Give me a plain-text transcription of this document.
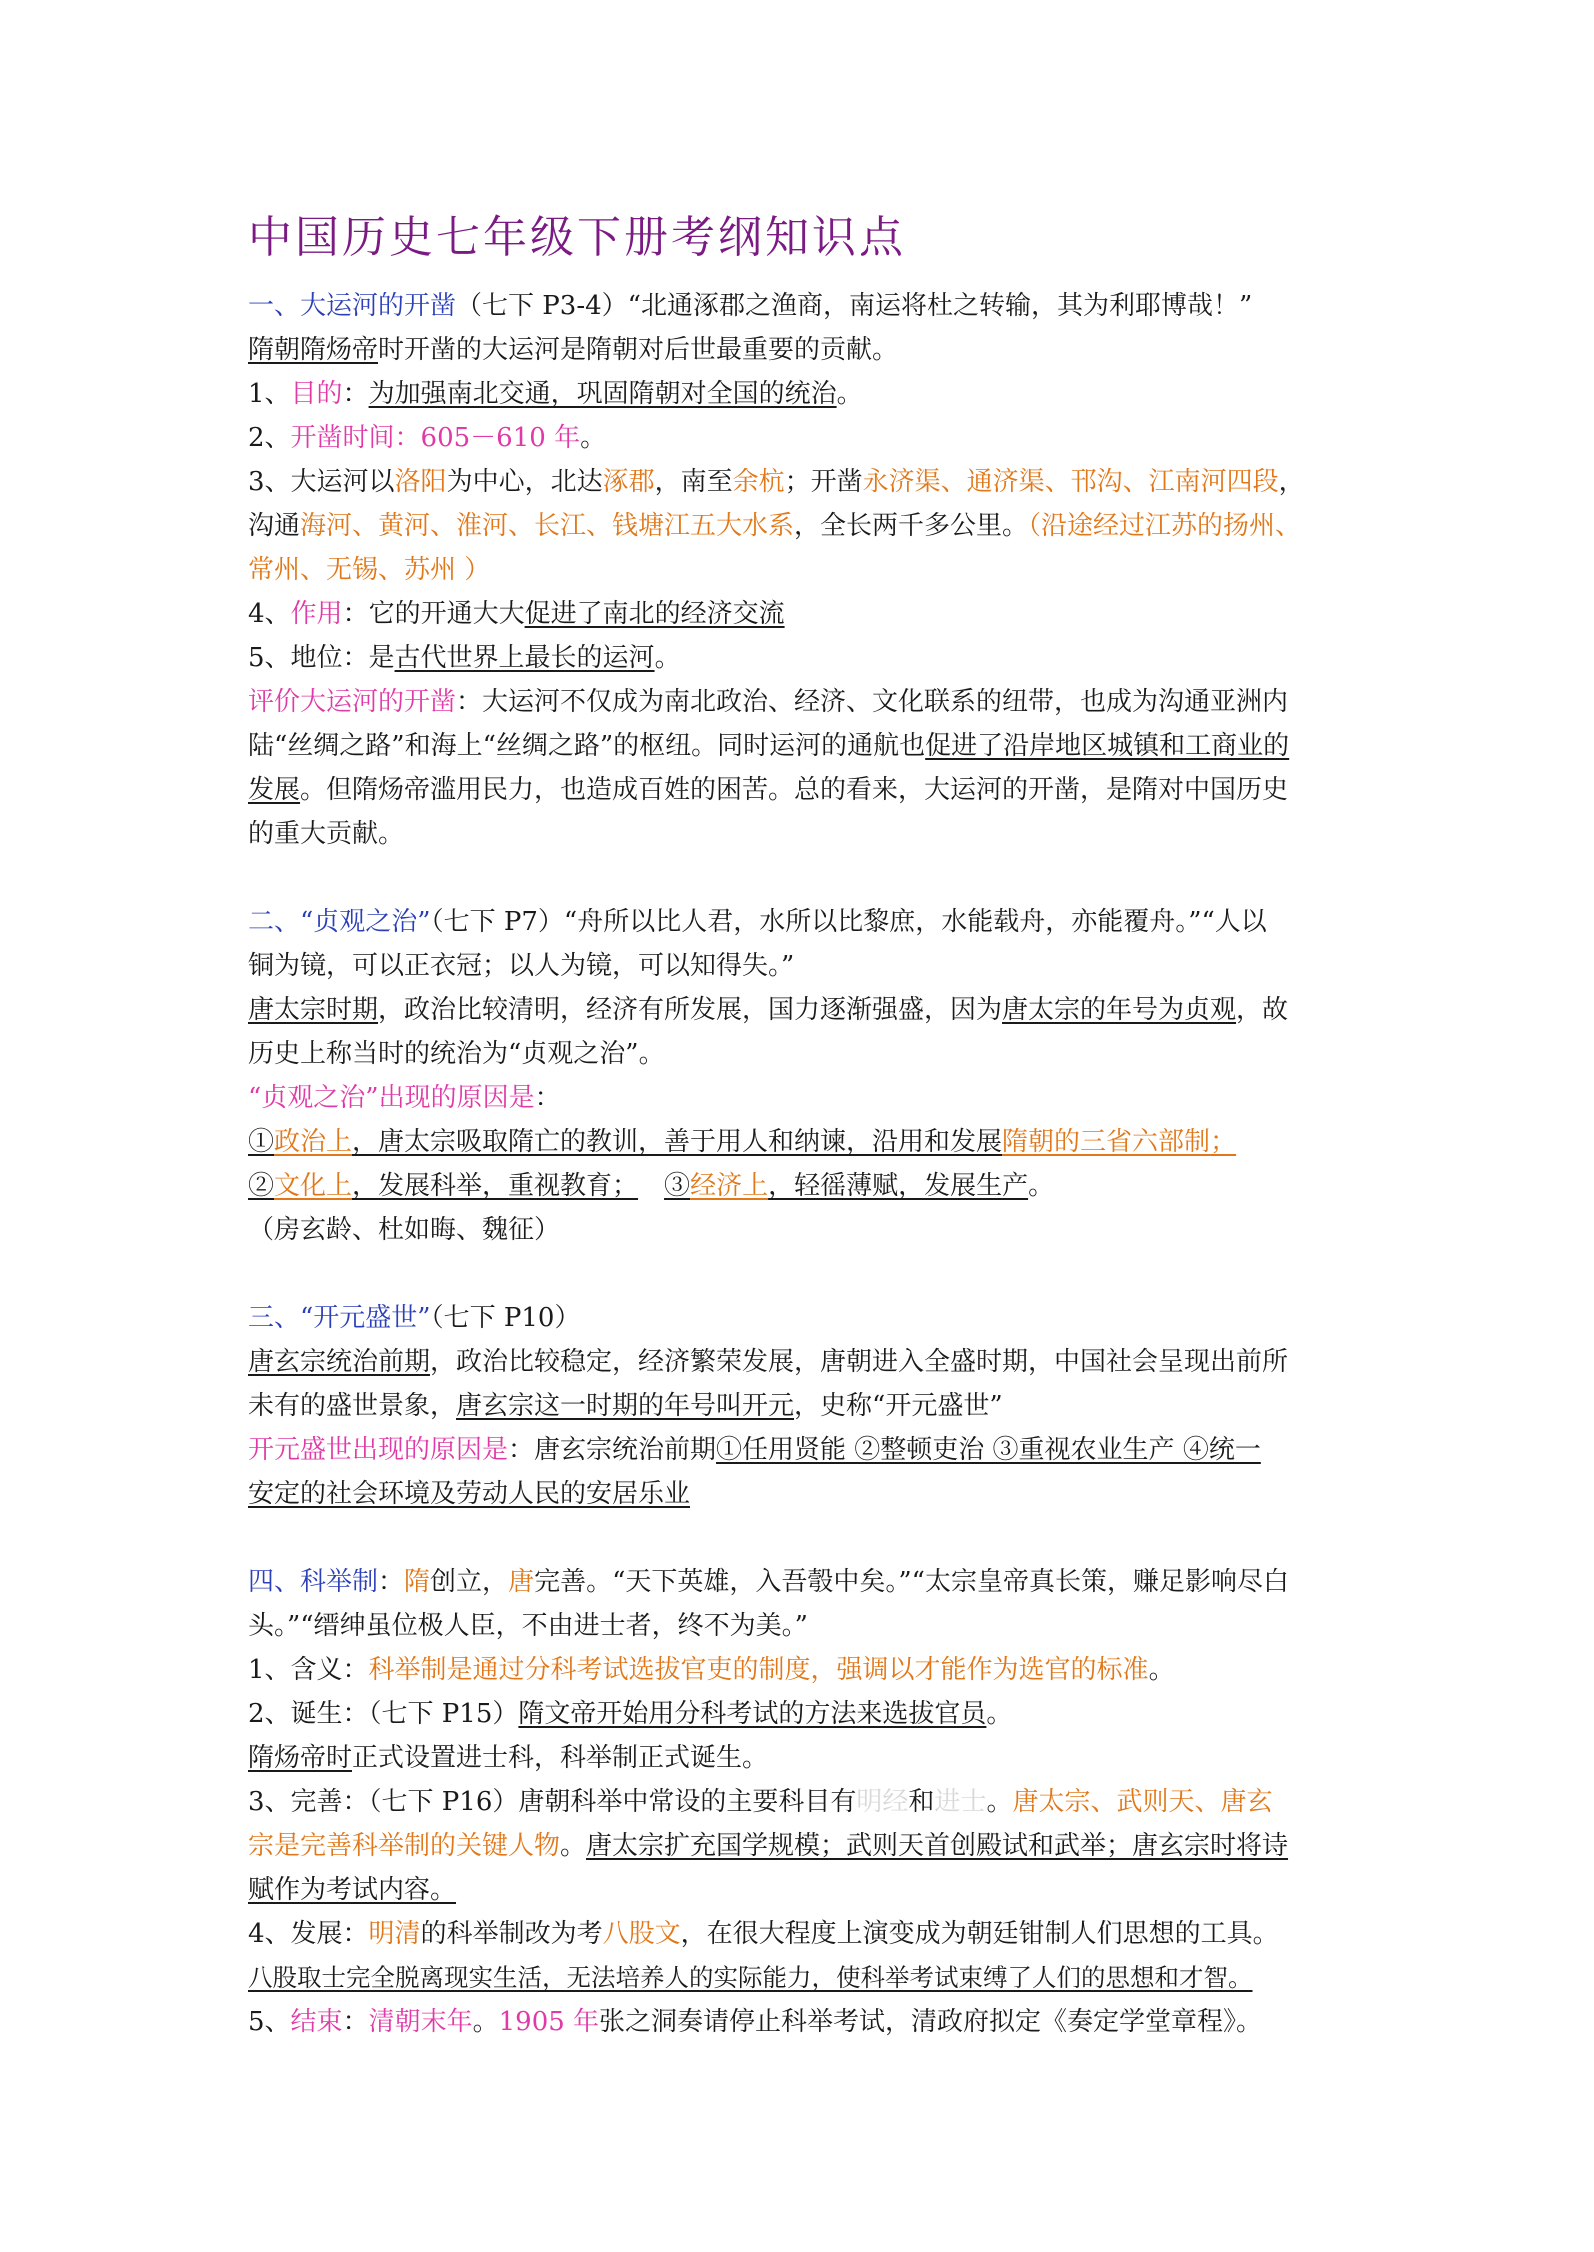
中国历史七年级下册考纲知识点
一、大运河的开凿（七下 P3-4）“北通涿郡之渔商，南运将杜之转输，其为利耶博哉！”
隋朝隋炀帝时开凿的大运河是隋朝对后世最重要的贡献。
1、目的：为加强南北交通，巩固隋朝对全国的统治。
2、开凿时间：605－610 年。
3、大运河以洛阳为中心，北达涿郡，南至余杭；开凿永济渠、通济渠、邗沟、江南河四段，
沟通海河、黄河、淮河、长江、钱塘江五大水系，全长两千多公里。（沿途经过江苏的扬州、
常州、无锡、苏州 ）
4、作用：它的开通大大促进了南北的经济交流
5、地位：是古代世界上最长的运河。
评价大运河的开凿：大运河不仅成为南北政治、经济、文化联系的纽带，也成为沟通亚洲内
陆“丝绸之路”和海上“丝绸之路”的枢纽。同时运河的通航也促进了沿岸地区城镇和工商业的
发展。但隋炀帝滥用民力，也造成百姓的困苦。总的看来，大运河的开凿，是隋对中国历史
的重大贡献。
二、“贞观之治”（七下 P7）“舟所以比人君，水所以比黎庶，水能载舟，亦能覆舟。”“人以
铜为镜，可以正衣冠；以人为镜，可以知得失。”
唐太宗时期，政治比较清明，经济有所发展，国力逐渐强盛，因为唐太宗的年号为贞观，故
历史上称当时的统治为“贞观之治”。
“贞观之治”出现的原因是：
①政治上，唐太宗吸取隋亡的教训，善于用人和纳谏，沿用和发展隋朝的三省六部制；
②文化上，发展科举，重视教育；  ③经济上，轻徭薄赋，发展生产。
（房玄龄、杜如晦、魏征）
三、“开元盛世”（七下 P10）
唐玄宗统治前期，政治比较稳定，经济繁荣发展，唐朝进入全盛时期，中国社会呈现出前所
未有的盛世景象，唐玄宗这一时期的年号叫开元，史称“开元盛世”
开元盛世出现的原因是：唐玄宗统治前期①任用贤能 ②整顿吏治 ③重视农业生产 ④统一
安定的社会环境及劳动人民的安居乐业
四、科举制：隋创立，唐完善。“天下英雄，入吾彀中矣。”“太宗皇帝真长策，赚足影响尽白
头。”“缙绅虽位极人臣，不由进士者，终不为美。”
1、含义：科举制是通过分科考试选拔官吏的制度，强调以才能作为选官的标准。
2、诞生：（七下 P15）隋文帝开始用分科考试的方法来选拔官员。
隋炀帝时正式设置进士科，科举制正式诞生。
3、完善：（七下 P16）唐朝科举中常设的主要科目有明经和进士。唐太宗、武则天、唐玄
宗是完善科举制的关键人物。唐太宗扩充国学规模；武则天首创殿试和武举；唐玄宗时将诗
赋作为考试内容。
4、发展：明清的科举制改为考八股文，在很大程度上演变成为朝廷钳制人们思想的工具。
八股取士完全脱离现实生活，无法培养人的实际能力，使科举考试束缚了人们的思想和才智。
5、结束：清朝末年。1905 年张之洞奏请停止科举考试，清政府拟定《奏定学堂章程》。
